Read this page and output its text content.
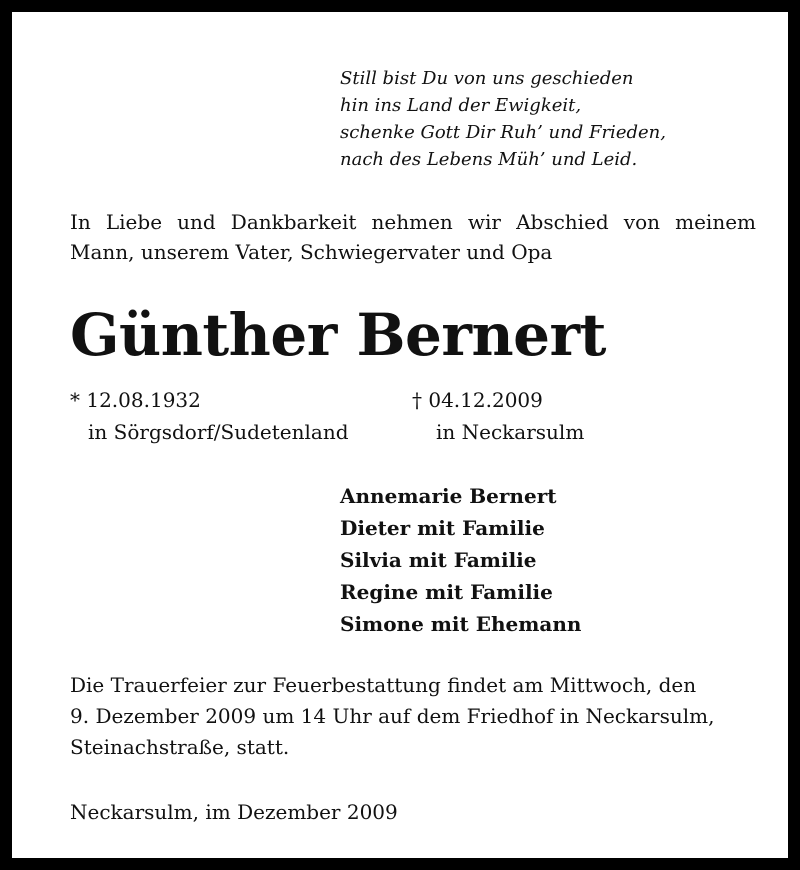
Still bist Du von uns geschieden
hin ins Land der Ewigkeit,
schenke Gott Dir Ruh’ und Frieden,
nach des Lebens Müh’ und Leid.
In Liebe und Dankbarkeit nehmen wir Abschied von meinem
Mann, unserem Vater, Schwiegervater und Opa
Günther Bernert
* 12.08.1932
in Sörgsdorf/Sudetenland
† 04.12.2009
in Neckarsulm
Annemarie Bernert
Dieter mit Familie
Silvia mit Familie
Regine mit Familie
Simone mit Ehemann
Die Trauerfeier zur Feuerbestattung findet am Mittwoch, den
9. Dezember 2009 um 14 Uhr auf dem Friedhof in Neckarsulm,
Steinachstraße, statt.
Neckarsulm, im Dezember 2009
